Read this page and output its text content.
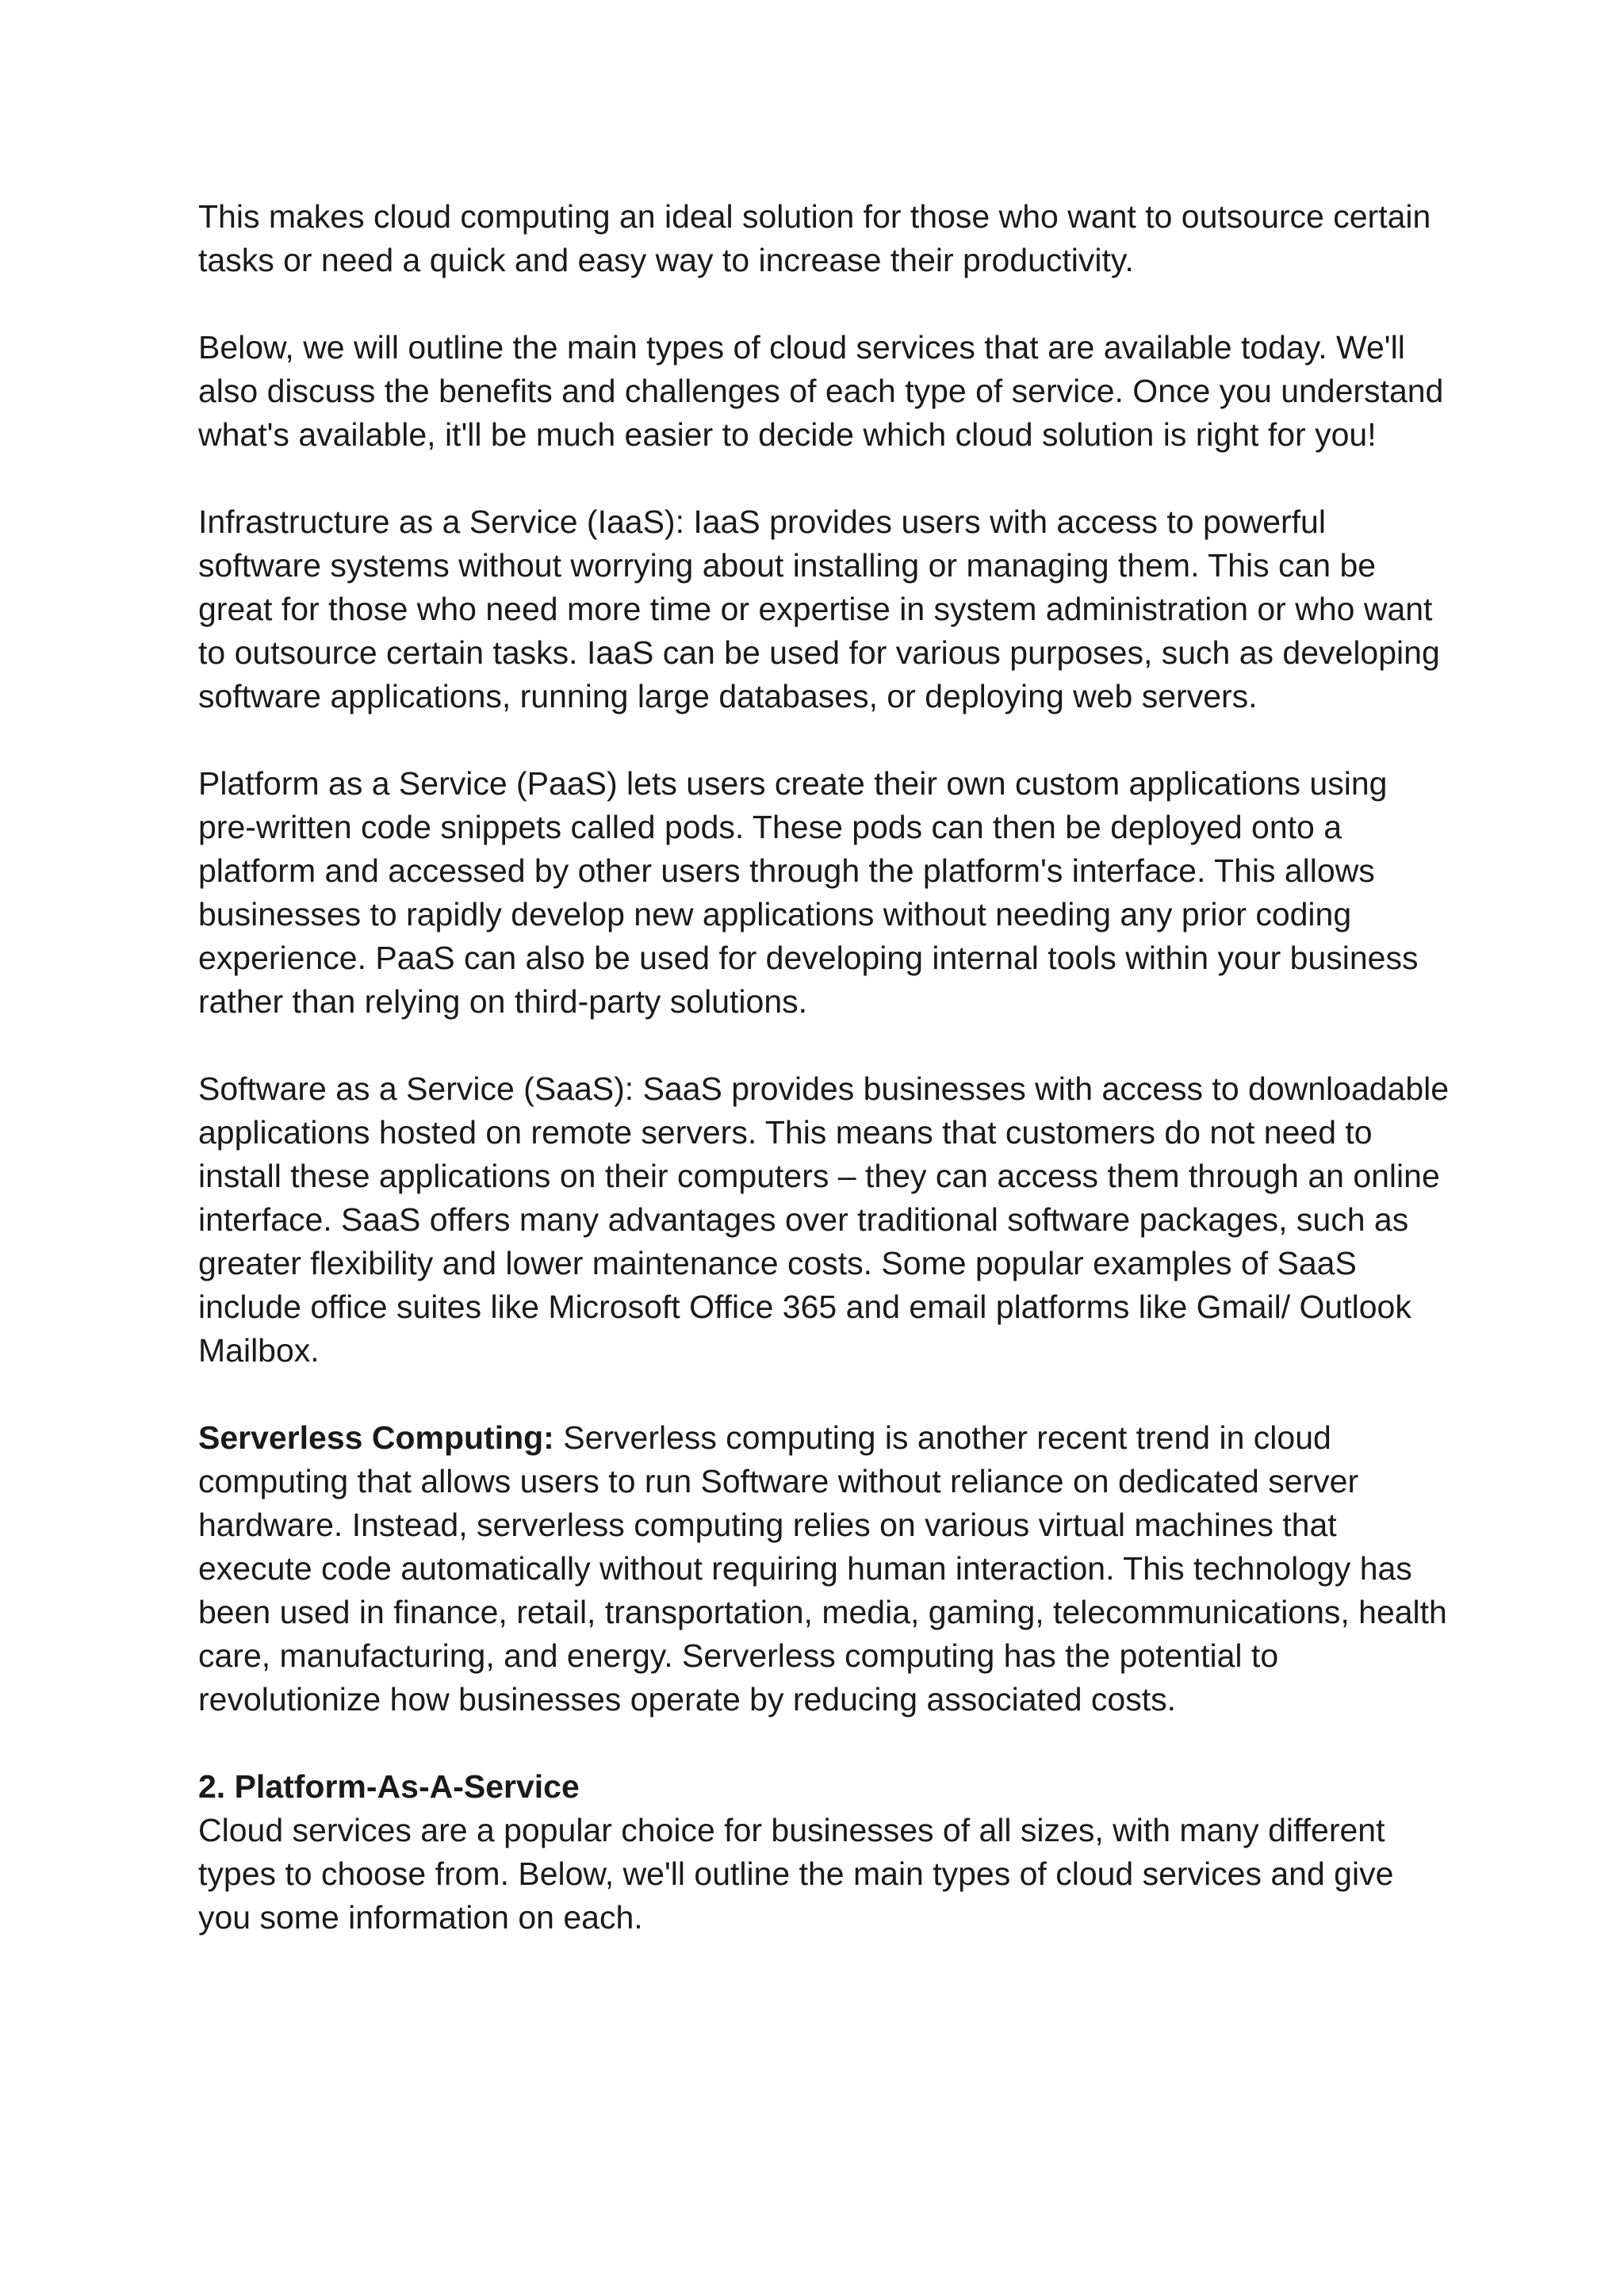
This makes cloud computing an ideal solution for those who want to outsource certain tasks or need a quick and easy way to increase their productivity.

Below, we will outline the main types of cloud services that are available today. We'll also discuss the benefits and challenges of each type of service. Once you understand what's available, it'll be much easier to decide which cloud solution is right for you!

Infrastructure as a Service (IaaS): IaaS provides users with access to powerful software systems without worrying about installing or managing them. This can be great for those who need more time or expertise in system administration or who want to outsource certain tasks. IaaS can be used for various purposes, such as developing software applications, running large databases, or deploying web servers.

Platform as a Service (PaaS) lets users create their own custom applications using pre-written code snippets called pods. These pods can then be deployed onto a platform and accessed by other users through the platform's interface. This allows businesses to rapidly develop new applications without needing any prior coding experience. PaaS can also be used for developing internal tools within your business rather than relying on third-party solutions.

Software as a Service (SaaS): SaaS provides businesses with access to downloadable applications hosted on remote servers. This means that customers do not need to install these applications on their computers – they can access them through an online interface. SaaS offers many advantages over traditional software packages, such as greater flexibility and lower maintenance costs. Some popular examples of SaaS include office suites like Microsoft Office 365 and email platforms like Gmail/ Outlook Mailbox.

Serverless Computing: Serverless computing is another recent trend in cloud computing that allows users to run Software without reliance on dedicated server hardware. Instead, serverless computing relies on various virtual machines that execute code automatically without requiring human interaction. This technology has been used in finance, retail, transportation, media, gaming, telecommunications, health care, manufacturing, and energy. Serverless computing has the potential to revolutionize how businesses operate by reducing associated costs.

2. Platform-As-A-Service

Cloud services are a popular choice for businesses of all sizes, with many different types to choose from. Below, we'll outline the main types of cloud services and give you some information on each.
